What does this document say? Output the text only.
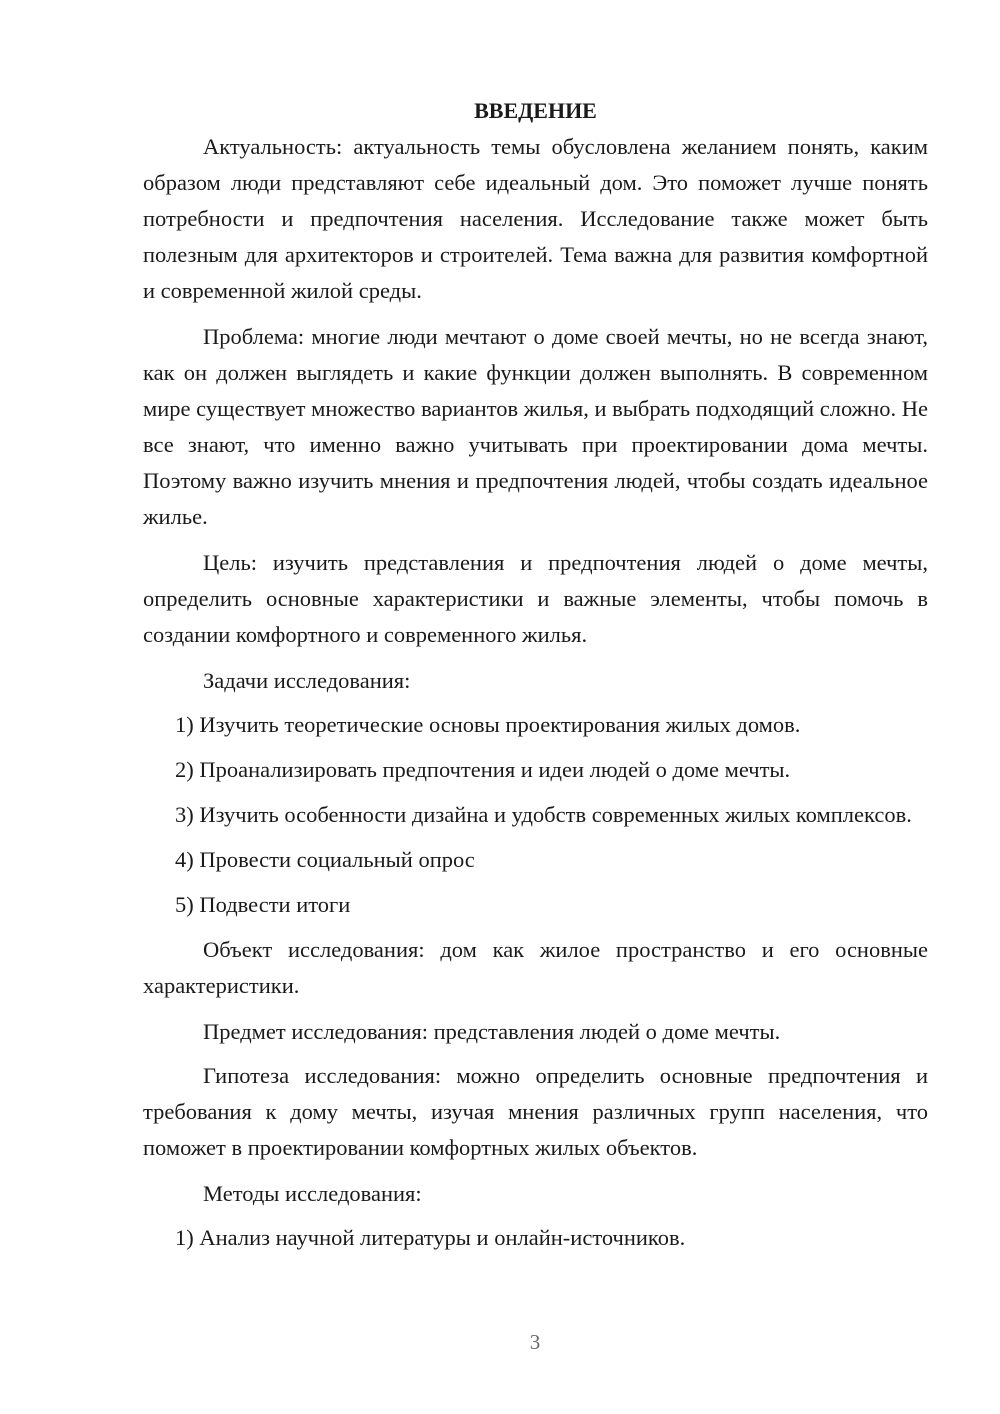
ВВЕДЕНИЕ
Актуальность: актуальность темы обусловлена желанием понять, каким образом люди представляют себе идеальный дом. Это поможет лучше понять потребности и предпочтения населения. Исследование также может быть полезным для архитекторов и строителей. Тема важна для развития комфортной и современной жилой среды.
Проблема: многие люди мечтают о доме своей мечты, но не всегда знают, как он должен выглядеть и какие функции должен выполнять. В современном мире существует множество вариантов жилья, и выбрать подходящий сложно. Не все знают, что именно важно учитывать при проектировании дома мечты. Поэтому важно изучить мнения и предпочтения людей, чтобы создать идеальное жилье.
Цель: изучить представления и предпочтения людей о доме мечты, определить основные характеристики и важные элементы, чтобы помочь в создании комфортного и современного жилья.
Задачи исследования:
1) Изучить теоретические основы проектирования жилых домов.
2) Проанализировать предпочтения и идеи людей о доме мечты.
3) Изучить особенности дизайна и удобств современных жилых комплексов.
4) Провести социальный опрос
5) Подвести итоги
Объект исследования: дом как жилое пространство и его основные характеристики.
Предмет исследования: представления людей о доме мечты.
Гипотеза исследования: можно определить основные предпочтения и требования к дому мечты, изучая мнения различных групп населения, что поможет в проектировании комфортных жилых объектов.
Методы исследования:
1) Анализ научной литературы и онлайн-источников.
3
